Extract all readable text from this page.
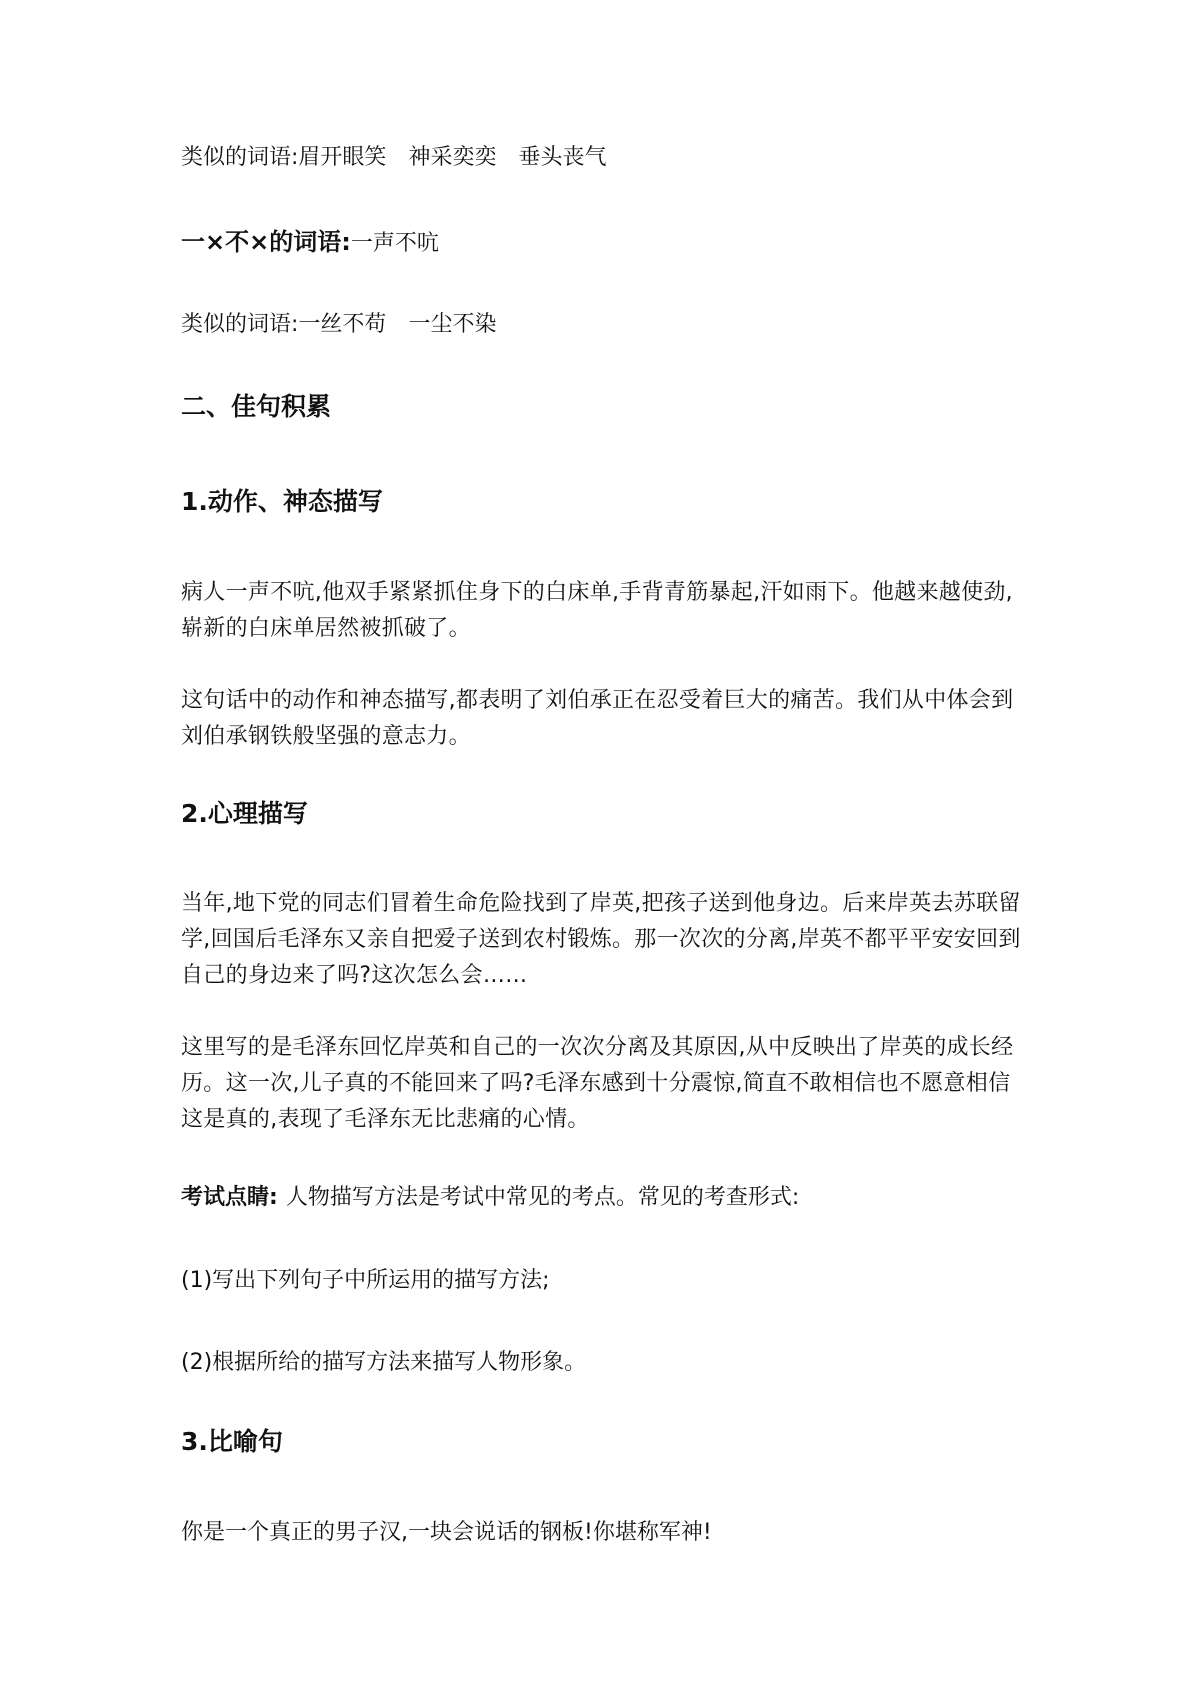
类似的词语:眉开眼笑 神采奕奕 垂头丧气

一×不×的词语:一声不吭

类似的词语:一丝不苟 一尘不染

二、佳句积累
1.动作、神态描写

病人一声不吭,他双手紧紧抓住身下的白床单,手背青筋暴起,汗如雨下。他越来越使劲,崭新的白床单居然被抓破了。

这句话中的动作和神态描写,都表明了刘伯承正在忍受着巨大的痛苦。我们从中体会到刘伯承钢铁般坚强的意志力。

2.心理描写

当年,地下党的同志们冒着生命危险找到了岸英,把孩子送到他身边。后来岸英去苏联留学,回国后毛泽东又亲自把爱子送到农村锻炼。那一次次的分离,岸英不都平平安安回到自己的身边来了吗?这次怎么会……

这里写的是毛泽东回忆岸英和自己的一次次分离及其原因,从中反映出了岸英的成长经历。这一次,儿子真的不能回来了吗?毛泽东感到十分震惊,简直不敢相信也不愿意相信这是真的,表现了毛泽东无比悲痛的心情。

考试点睛: 人物描写方法是考试中常见的考点。常见的考查形式:

(1)写出下列句子中所运用的描写方法;

(2)根据所给的描写方法来描写人物形象。

3.比喻句

你是一个真正的男子汉,一块会说话的钢板!你堪称军神!
